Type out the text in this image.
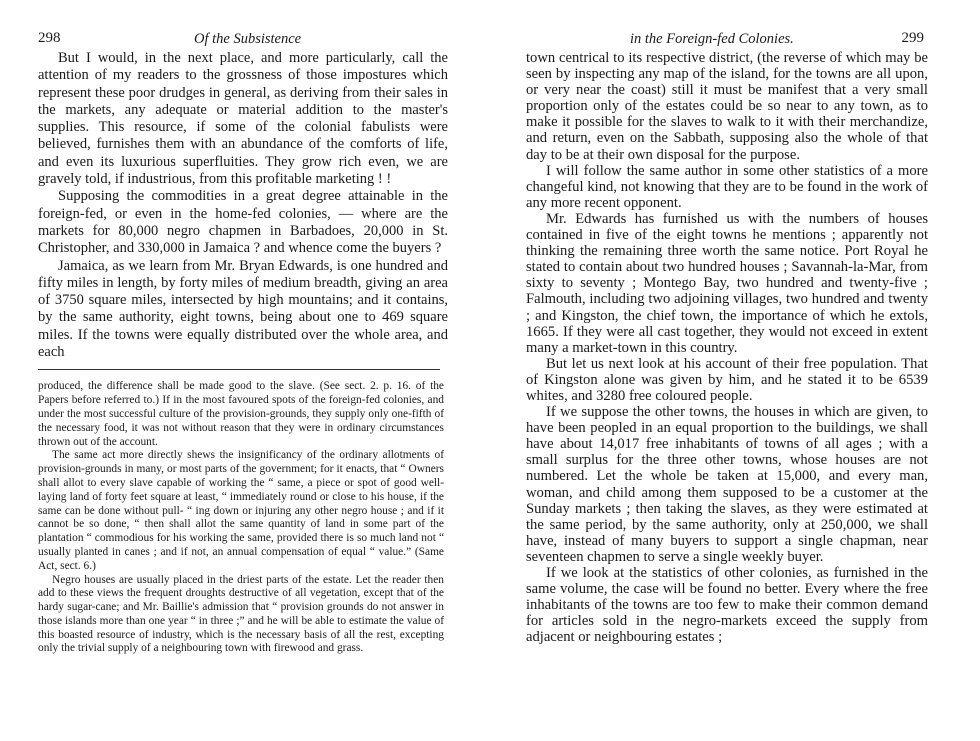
298	Of the Subsistence

But I would, in the next place, and more particularly, call the attention of my readers to the grossness of those impostures which represent these poor drudges in general, as deriving from their sales in the markets, any adequate or material addition to the master's supplies. This resource, if some of the colonial fabulists were believed, furnishes them with an abundance of the comforts of life, and even its luxurious superfluities. They grow rich even, we are gravely told, if industrious, from this profitable marketing ! !

Supposing the commodities in a great degree attainable in the foreign-fed, or even in the home-fed colonies, — where are the markets for 80,000 negro chapmen in Barbadoes, 20,000 in St. Christopher, and 330,000 in Jamaica ? and whence come the buyers ?

Jamaica, as we learn from Mr. Bryan Edwards, is one hundred and fifty miles in length, by forty miles of medium breadth, giving an area of 3750 square miles, intersected by high mountains; and it contains, by the same authority, eight towns, being about one to 469 square miles. If the towns were equally distributed over the whole area, and each

produced, the difference shall be made good to the slave. (See sect. 2. p. 16. of the Papers before referred to.) If in the most favoured spots of the foreign-fed colonies, and under the most successful culture of the provision-grounds, they supply only one-fifth of the necessary food, it was not without reason that they were in ordinary circumstances thrown out of the account.

The same act more directly shews the insignificancy of the ordinary allotments of provision-grounds in many, or most parts of the government; for it enacts, that “ Owners shall allot to every slave capable of working the “ same, a piece or spot of good well-laying land of forty feet square at least, “ immediately round or close to his house, if the same can be done without pull- “ ing down or injuring any other negro house ; and if it cannot be so done, “ then shall allot the same quantity of land in some part of the plantation “ commodious for his working the same, provided there is so much land not “ usually planted in canes ; and if not, an annual compensation of equal “ value.” (Same Act, sect. 6.)

Negro houses are usually placed in the driest parts of the estate. Let the reader then add to these views the frequent droughts destructive of all vegetation, except that of the hardy sugar-cane; and Mr. Baillie's admission that “ provision grounds do not answer in those islands more than one year “ in three ;” and he will be able to estimate the value of this boasted resource of industry, which is the necessary basis of all the rest, excepting only the trivial supply of a neighbouring town with firewood and grass.

in the Foreign-fed Colonies.	299

town centrical to its respective district, (the reverse of which may be seen by inspecting any map of the island, for the towns are all upon, or very near the coast) still it must be manifest that a very small proportion only of the estates could be so near to any town, as to make it possible for the slaves to walk to it with their merchandize, and return, even on the Sabbath, supposing also the whole of that day to be at their own disposal for the purpose.

I will follow the same author in some other statistics of a more changeful kind, not knowing that they are to be found in the work of any more recent opponent.

Mr. Edwards has furnished us with the numbers of houses contained in five of the eight towns he mentions ; apparently not thinking the remaining three worth the same notice. Port Royal he stated to contain about two hundred houses ; Savannah-la-Mar, from sixty to seventy ; Montego Bay, two hundred and twenty-five ; Falmouth, including two adjoining villages, two hundred and twenty ; and Kingston, the chief town, the importance of which he extols, 1665. If they were all cast together, they would not exceed in extent many a market-town in this country.

But let us next look at his account of their free population. That of Kingston alone was given by him, and he stated it to be 6539 whites, and 3280 free coloured people.

If we suppose the other towns, the houses in which are given, to have been peopled in an equal proportion to the buildings, we shall have about 14,017 free inhabitants of towns of all ages ; with a small surplus for the three other towns, whose houses are not numbered. Let the whole be taken at 15,000, and every man, woman, and child among them supposed to be a customer at the Sunday markets ; then taking the slaves, as they were estimated at the same period, by the same authority, only at 250,000, we shall have, instead of many buyers to support a single chapman, near seventeen chapmen to serve a single weekly buyer.

If we look at the statistics of other colonies, as furnished in the same volume, the case will be found no better. Every where the free inhabitants of the towns are too few to make their common demand for articles sold in the negro-markets exceed the supply from adjacent or neighbouring estates ;
